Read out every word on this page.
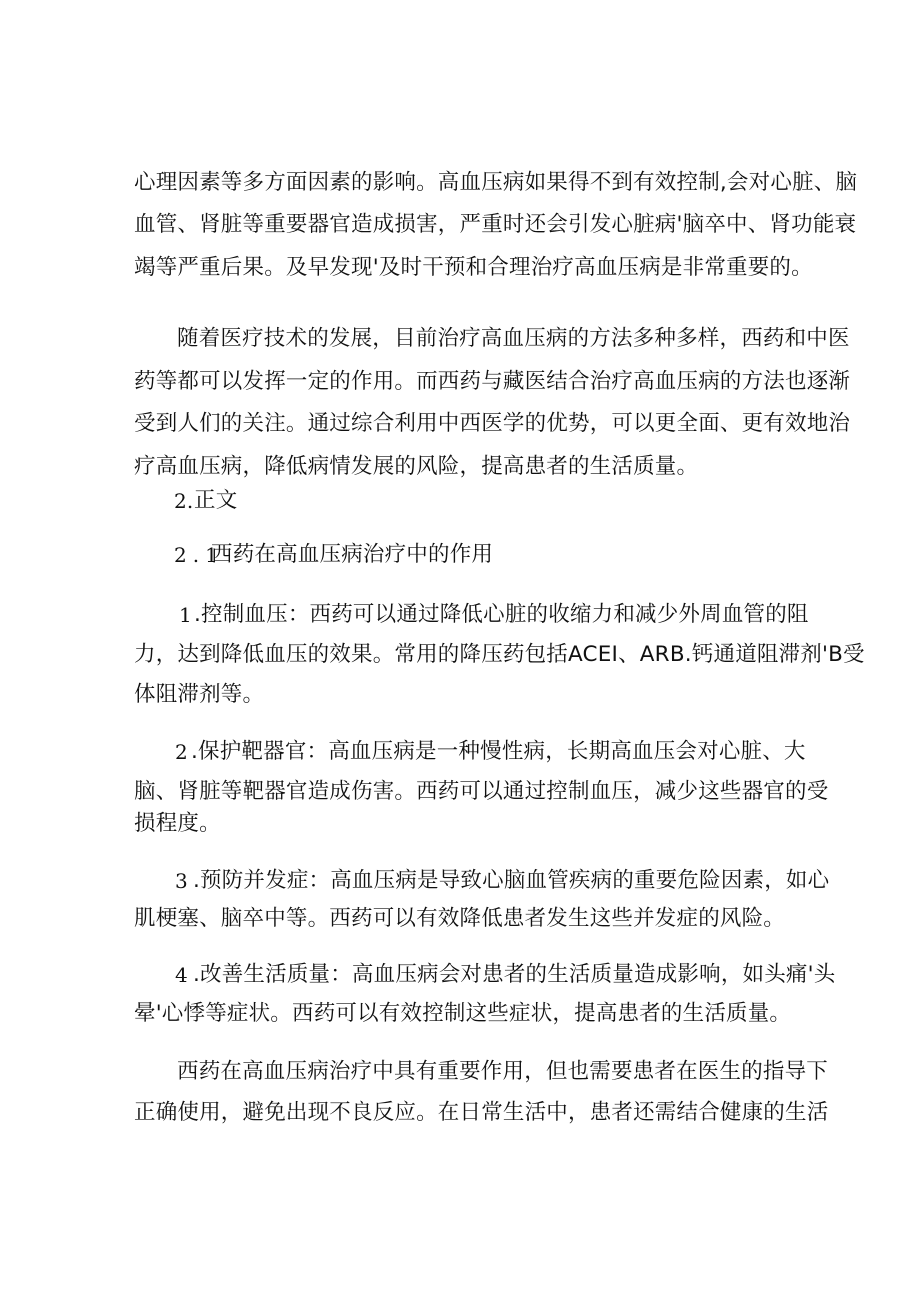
心理因素等多方面因素的影响。高血压病如果得不到有效控制,会对心脏、脑
血管、肾脏等重要器官造成损害，严重时还会引发心脏病'脑卒中、肾功能衰
竭等严重后果。及早发现'及时干预和合理治疗高血压病是非常重要的。
随着医疗技术的发展，目前治疗高血压病的方法多种多样，西药和中医
药等都可以发挥一定的作用。而西药与藏医结合治疗高血压病的方法也逐渐
受到人们的关注。通过综合利用中西医学的优势，可以更全面、更有效地治
疗高血压病，降低病情发展的风险，提高患者的生活质量。
2. 正文
2.1
西药在高血压病治疗中的作用
1 .控制血压：西药可以通过降低心脏的收缩力和减少外周血管的阻
力，达到降低血压的效果。常用的降压药包括ACEI、ARB.钙通道阻滞剂'B受
体阻滞剂等。
2 .保护靶器官：高血压病是一种慢性病，长期高血压会对心脏、大
脑、肾脏等靶器官造成伤害。西药可以通过控制血压，减少这些器官的受
损程度。
3 .预防并发症：高血压病是导致心脑血管疾病的重要危险因素，如心
肌梗塞、脑卒中等。西药可以有效降低患者发生这些并发症的风险。
4 .改善生活质量：高血压病会对患者的生活质量造成影响，如头痛'头
晕'心悸等症状。西药可以有效控制这些症状，提高患者的生活质量。
西药在高血压病治疗中具有重要作用，但也需要患者在医生的指导下
正确使用，避免出现不良反应。在日常生活中，患者还需结合健康的生活
